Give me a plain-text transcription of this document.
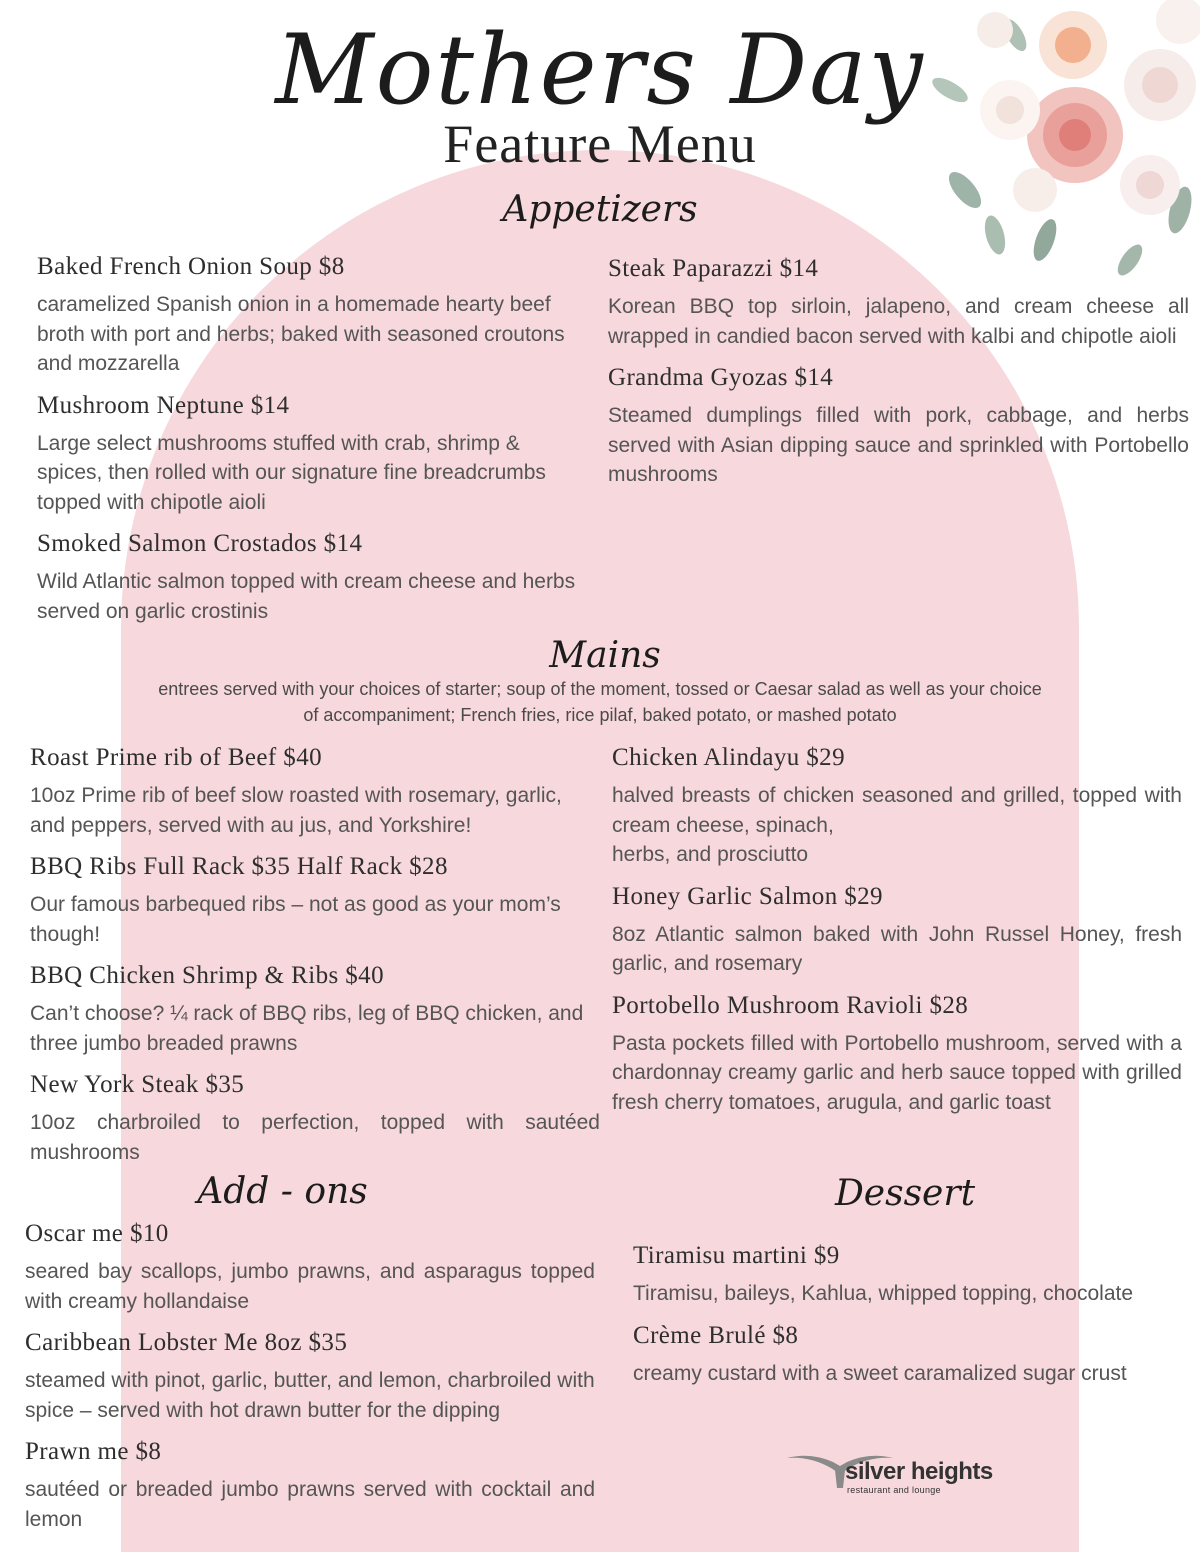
Mothers Day
Feature Menu
Appetizers
Baked French Onion Soup $8
caramelized Spanish onion in a homemade hearty beef broth with port and herbs; baked with seasoned croutons and mozzarella
Mushroom Neptune $14
Large select mushrooms stuffed with crab, shrimp & spices, then rolled with our signature fine breadcrumbs topped with chipotle aioli
Smoked Salmon Crostados $14
Wild Atlantic salmon topped with cream cheese and herbs served on garlic crostinis
Steak Paparazzi $14
Korean BBQ top sirloin, jalapeno, and cream cheese all wrapped in candied bacon served with kalbi and chipotle aioli
Grandma Gyozas $14
Steamed dumplings filled with pork, cabbage, and herbs served with Asian dipping sauce and sprinkled with Portobello mushrooms
Mains
entrees served with your choices of starter; soup of the moment, tossed or Caesar salad as well as your choice
of accompaniment; French fries, rice pilaf, baked potato, or mashed potato
Roast Prime rib of Beef $40
10oz Prime rib of beef slow roasted with rosemary, garlic, and peppers, served with au jus, and Yorkshire!
BBQ Ribs Full Rack $35 Half Rack $28
Our famous barbequed ribs – not as good as your mom’s though!
BBQ Chicken Shrimp & Ribs $40
Can’t choose? ¼ rack of BBQ ribs, leg of BBQ chicken, and three jumbo breaded prawns
New York Steak $35
10oz charbroiled to perfection, topped with sautéed mushrooms
Chicken Alindayu $29
halved breasts of chicken seasoned and grilled, topped with cream cheese, spinach,
herbs, and prosciutto
Honey Garlic Salmon $29
8oz Atlantic salmon baked with John Russel Honey, fresh garlic, and rosemary
Portobello Mushroom Ravioli $28
Pasta pockets filled with Portobello mushroom, served with a chardonnay creamy garlic and herb sauce topped with grilled fresh cherry tomatoes, arugula, and garlic toast
Add - ons	Dessert
Oscar me $10
seared bay scallops, jumbo prawns, and asparagus topped with creamy hollandaise
Caribbean Lobster Me 8oz $35
steamed with pinot, garlic, butter, and lemon, charbroiled with spice – served with hot drawn butter for the dipping
Prawn me $8
sautéed or breaded jumbo prawns served with cocktail and lemon
Tiramisu martini $9
Tiramisu, baileys, Kahlua, whipped topping, chocolate
Crème Brulé $8
creamy custard with a sweet caramalized sugar crust
silver heights
restaurant and lounge
